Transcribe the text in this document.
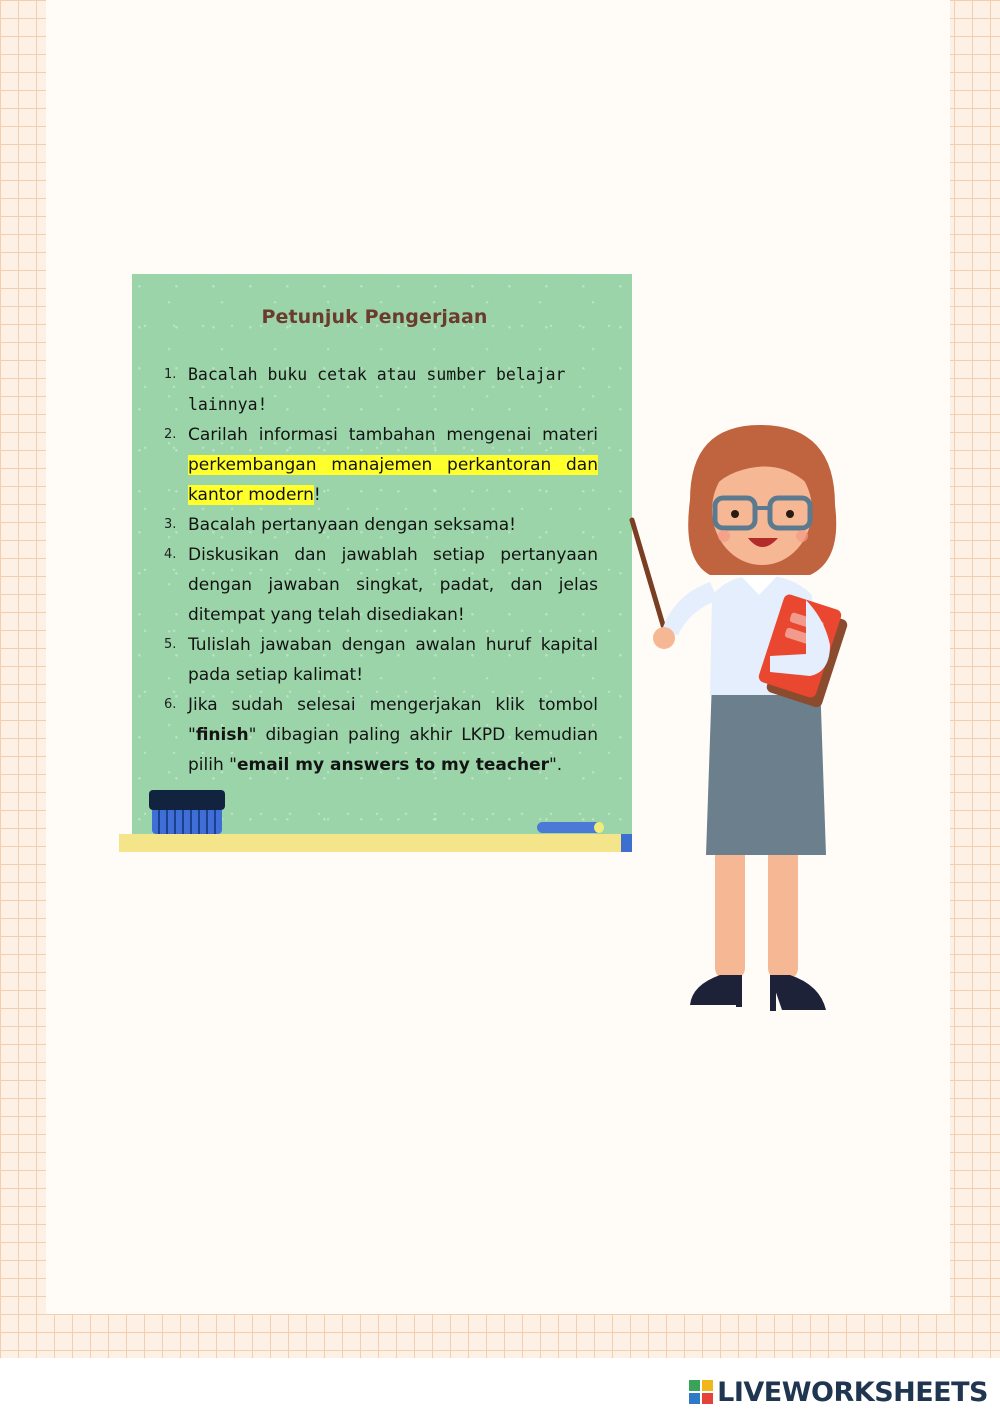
Petunjuk Pengerjaan
1. Bacalah buku cetak atau sumber belajar lainnya!
2. Carilah informasi tambahan mengenai materi perkembangan manajemen perkantoran dan kantor modern!
3. Bacalah pertanyaan dengan seksama!
4. Diskusikan dan jawablah setiap pertanyaan dengan jawaban singkat, padat, dan jelas ditempat yang telah disediakan!
5. Tulislah jawaban dengan awalan huruf kapital pada setiap kalimat!
6. Jika sudah selesai mengerjakan klik tombol "finish" dibagian paling akhir LKPD kemudian pilih "email my answers to my teacher".
LIVEWORKSHEETS
